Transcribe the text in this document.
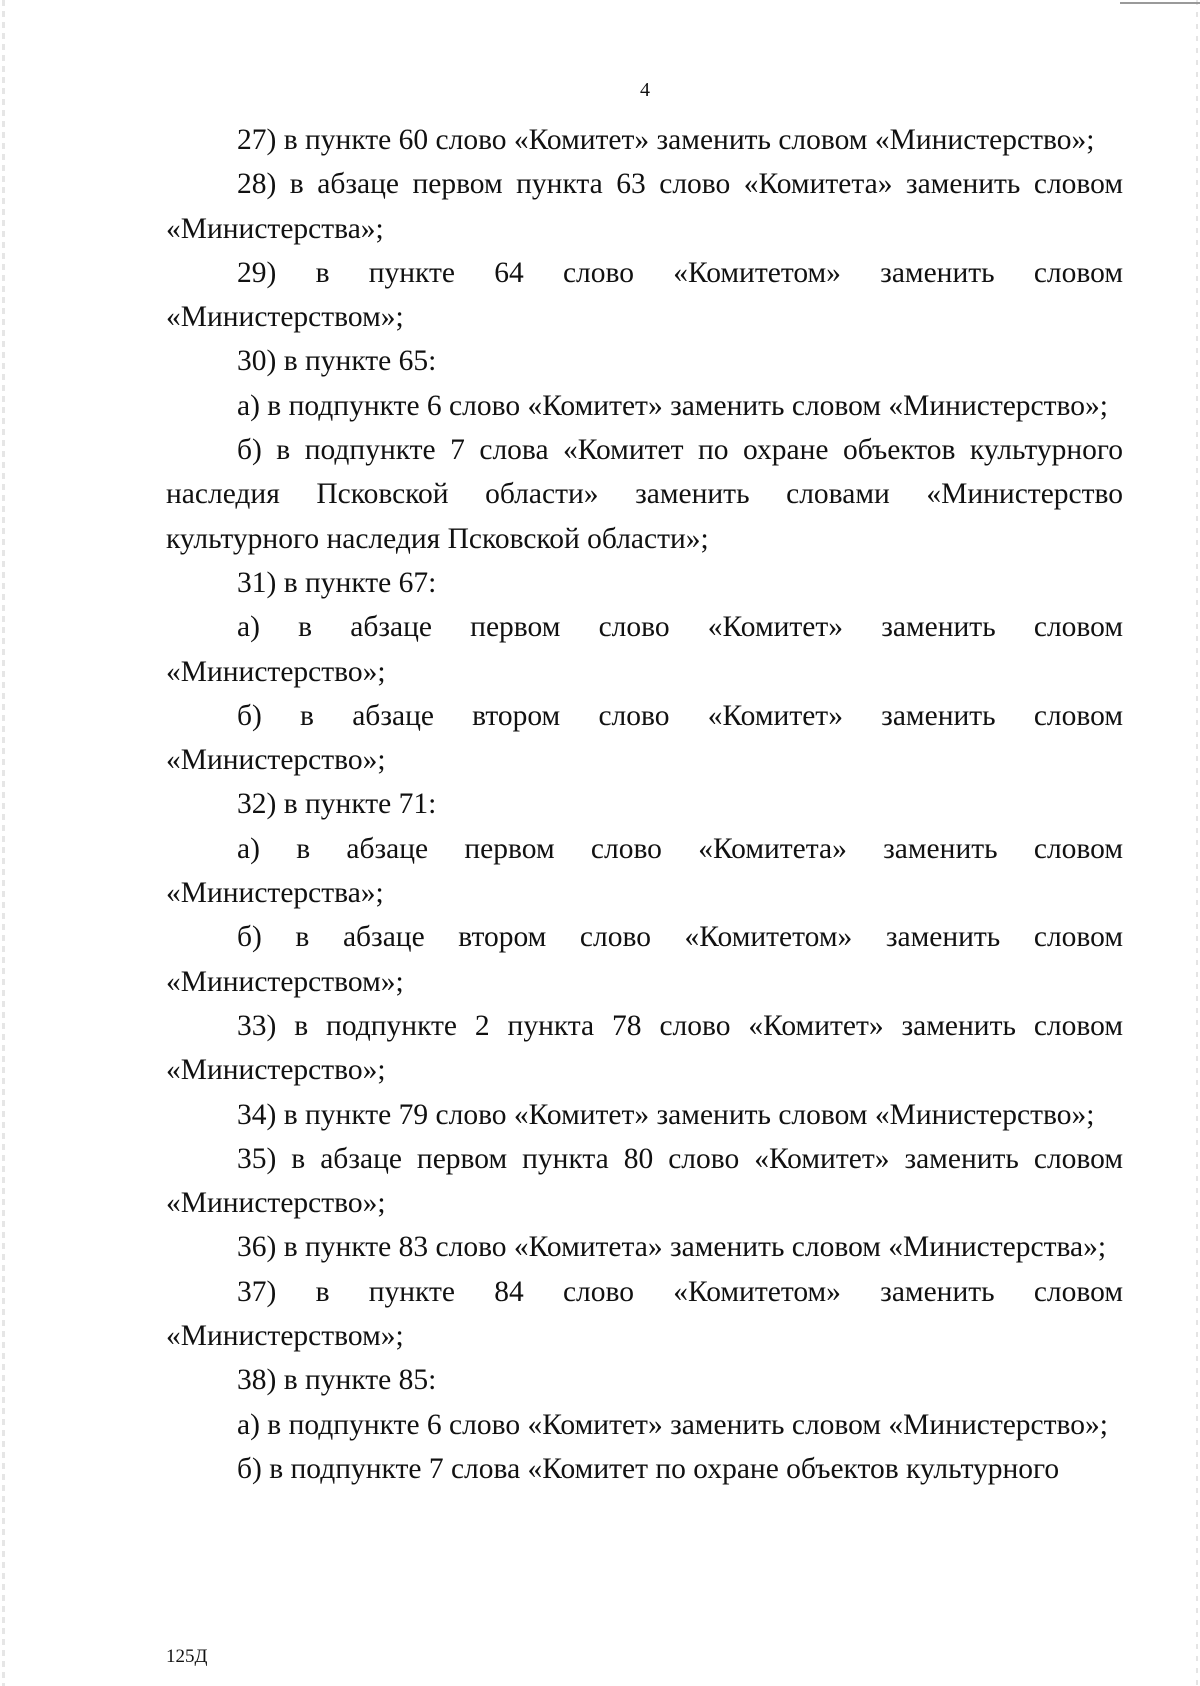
4

27) в пункте 60 слово «Комитет» заменить словом «Министерство»;

28) в абзаце первом пункта 63 слово «Комитета» заменить словом «Министерства»;

29) в пункте 64 слово «Комитетом» заменить словом «Министерством»;

30) в пункте 65:

а) в подпункте 6 слово «Комитет» заменить словом «Министерство»;

б) в подпункте 7 слова «Комитет по охране объектов культурного наследия Псковской области» заменить словами «Министерство культурного наследия Псковской области»;

31) в пункте 67:

а) в абзаце первом слово «Комитет» заменить словом «Министерство»;

б) в абзаце втором слово «Комитет» заменить словом «Министерство»;

32) в пункте 71:

а) в абзаце первом слово «Комитета» заменить словом «Министерства»;

б) в абзаце втором слово «Комитетом» заменить словом «Министерством»;

33) в подпункте 2 пункта 78 слово «Комитет» заменить словом «Министерство»;

34) в пункте 79 слово «Комитет» заменить словом «Министерство»;

35) в абзаце первом пункта 80 слово «Комитет» заменить словом «Министерство»;

36) в пункте 83 слово «Комитета» заменить словом «Министерства»;

37) в пункте 84 слово «Комитетом» заменить словом «Министерством»;

38) в пункте 85:

а) в подпункте 6 слово «Комитет» заменить словом «Министерство»;

б) в подпункте 7 слова «Комитет по охране объектов культурного

125Д
